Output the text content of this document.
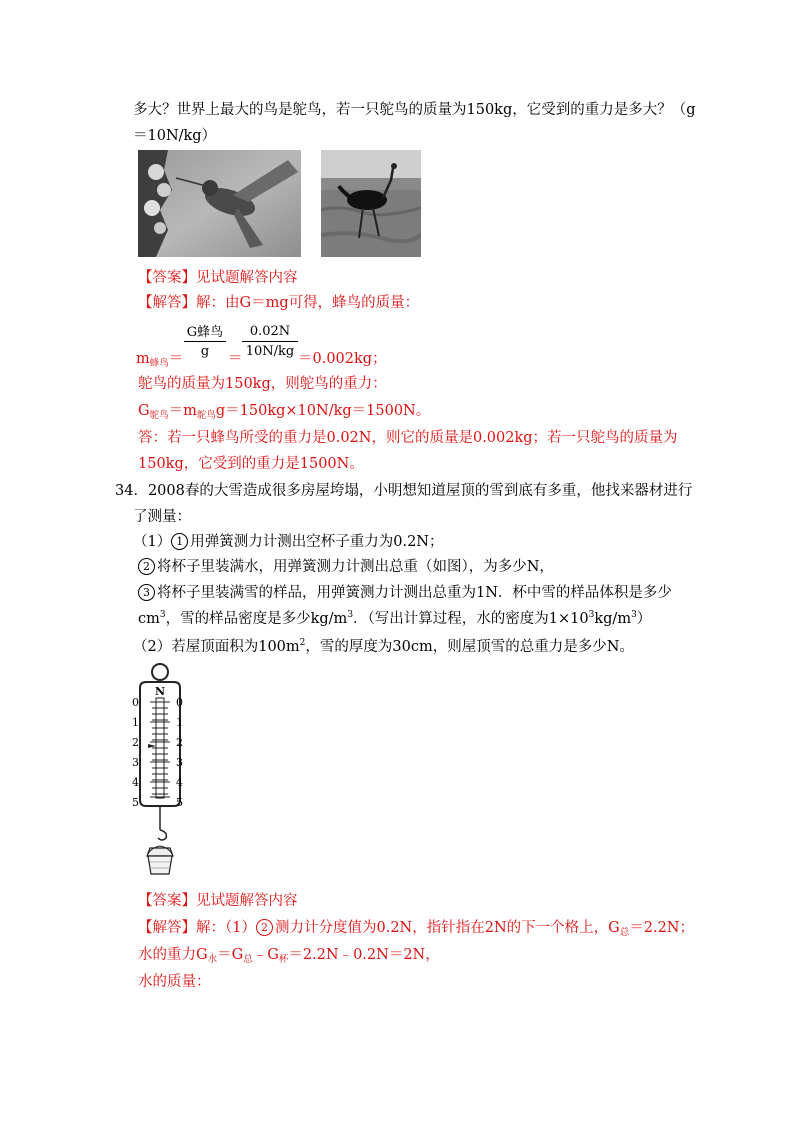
多大？世界上最大的鸟是鸵鸟，若一只鸵鸟的质量为150kg，它受到的重力是多大？（g
＝10N/kg）
【答案】见试题解答内容
【解答】解：由G＝mg可得，蜂鸟的质量：
$m_{蜂鸟}=$
G蜂鸟
g	＝
0.02N
10N/kg ＝0.002kg；
鸵鸟的质量为150kg，则鸵鸟的重力：
$G_{鸵鸟}=m_{鸵鸟}g=150kg\times 10N/kg=1500N$。
答：若一只蜂鸟所受的重力是0.02N，则它的质量是0.002kg；若一只鸵鸟的质量为
150kg，它受到的重力是1500N。
34．2008春的大雪造成很多房屋垮塌，小明想知道屋顶的雪到底有多重，他找来器材进行
了测量：
（1） 1 用弹簧测力计测出空杯子重力为0.2N；
2 将杯子里装满水，用弹簧测力计测出总重（如图），为多少N，
3 将杯子里装满雪的样品，用弹簧测力计测出总重为1N．杯中雪的样品体积是多少
$cm^3$，雪的样品密度是多少$kg/m^3$．（写出计算过程，水的密度为$1\times 10^3kg/m^3$）
（2）若屋顶面积为$100m^2$，雪的厚度为30cm，则屋顶雪的总重力是多少N。
N
0
1
2
3
4
5
0
1
2
3
4
5
【答案】见试题解答内容
【解答】解：（1） 2 测力计分度值为0.2N，指针指在2N的下一个格上，$G_总=2.2N$；
水的重力$G_水=G_总﹣G_杯=2.2N﹣0.2N=2N$，
水的质量：
